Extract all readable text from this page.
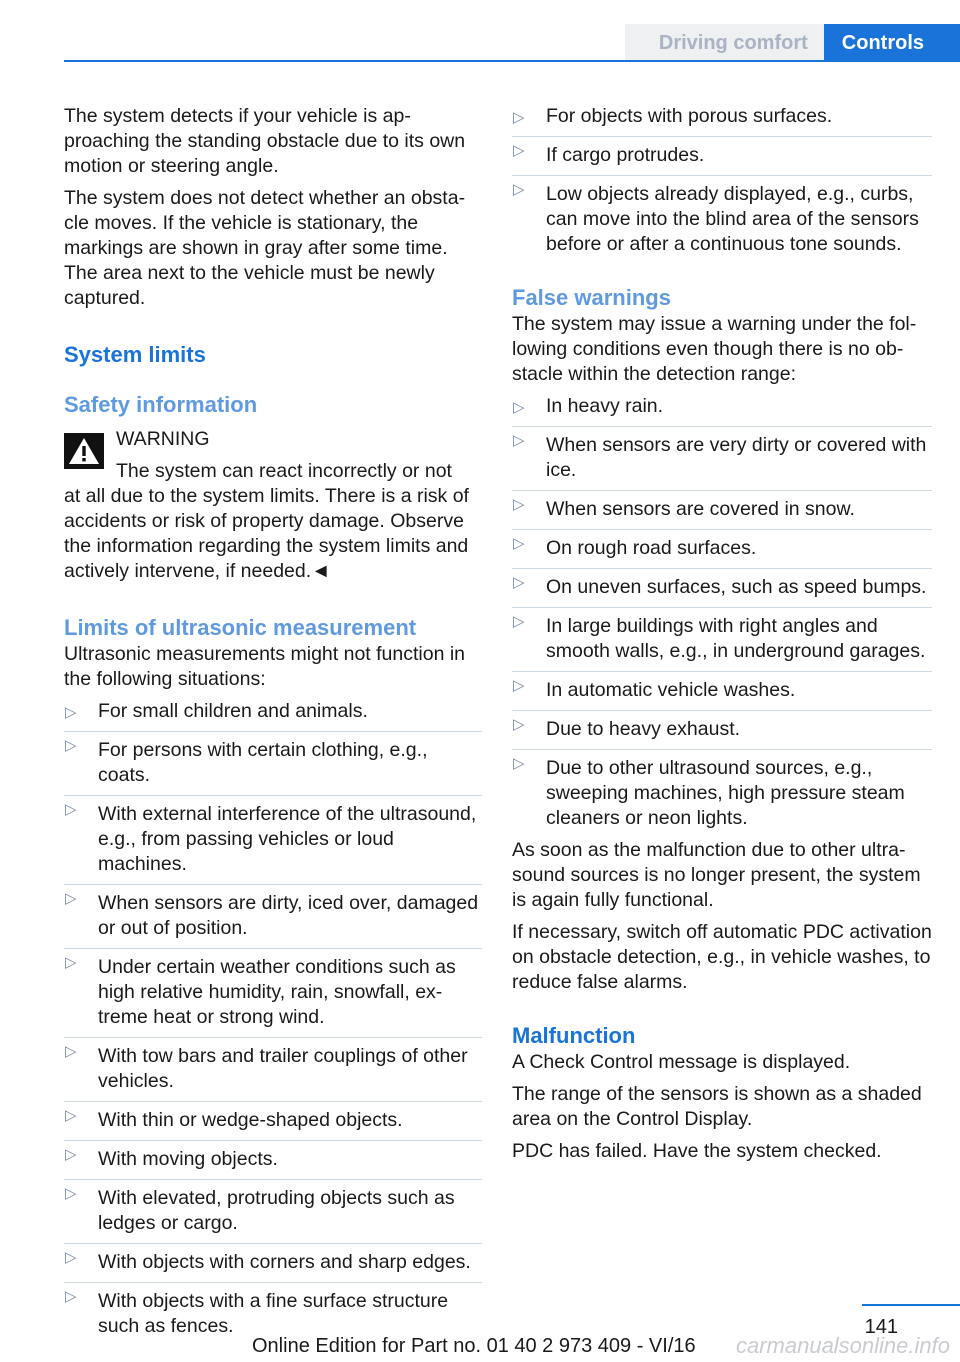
Driving comfort	Controls

The system detects if your vehicle is approaching the standing obstacle due to its own motion or steering angle.

The system does not detect whether an obstacle moves. If the vehicle is stationary, the markings are shown in gray after some time. The area next to the vehicle must be newly captured.

System limits
Safety information

WARNING

The system can react incorrectly or not

at all due to the system limits. There is a risk of accidents or risk of property damage. Observe the information regarding the system limits and actively intervene, if needed.◄

Limits of ultrasonic measurement

Ultrasonic measurements might not function in the following situations:

▷ For small children and animals.
▷ For persons with certain clothing, e.g., coats.
▷ With external interference of the ultrasound, e.g., from passing vehicles or loud machines.
▷ When sensors are dirty, iced over, damaged or out of position.
▷ Under certain weather conditions such as high relative humidity, rain, snowfall, extreme heat or strong wind.
▷ With tow bars and trailer couplings of other vehicles.
▷ With thin or wedge-shaped objects.
▷ With moving objects.
▷ With elevated, protruding objects such as ledges or cargo.
▷ With objects with corners and sharp edges.
▷ With objects with a fine surface structure such as fences.
▷ For objects with porous surfaces.
▷ If cargo protrudes.
▷ Low objects already displayed, e.g., curbs, can move into the blind area of the sensors before or after a continuous tone sounds.
False warnings

The system may issue a warning under the following conditions even though there is no obstacle within the detection range:

▷ In heavy rain.
▷ When sensors are very dirty or covered with ice.
▷ When sensors are covered in snow.
▷ On rough road surfaces.
▷ On uneven surfaces, such as speed bumps.
▷ In large buildings with right angles and smooth walls, e.g., in underground garages.
▷ In automatic vehicle washes.
▷ Due to heavy exhaust.
▷ Due to other ultrasound sources, e.g., sweeping machines, high pressure steam cleaners or neon lights.

As soon as the malfunction due to other ultrasound sources is no longer present, the system is again fully functional.

If necessary, switch off automatic PDC activation on obstacle detection, e.g., in vehicle washes, to reduce false alarms.

Malfunction

A Check Control message is displayed.

The range of the sensors is shown as a shaded area on the Control Display.

PDC has failed. Have the system checked.

141
Online Edition for Part no. 01 40 2 973 409 - VI/16 carmanualsonline.info
